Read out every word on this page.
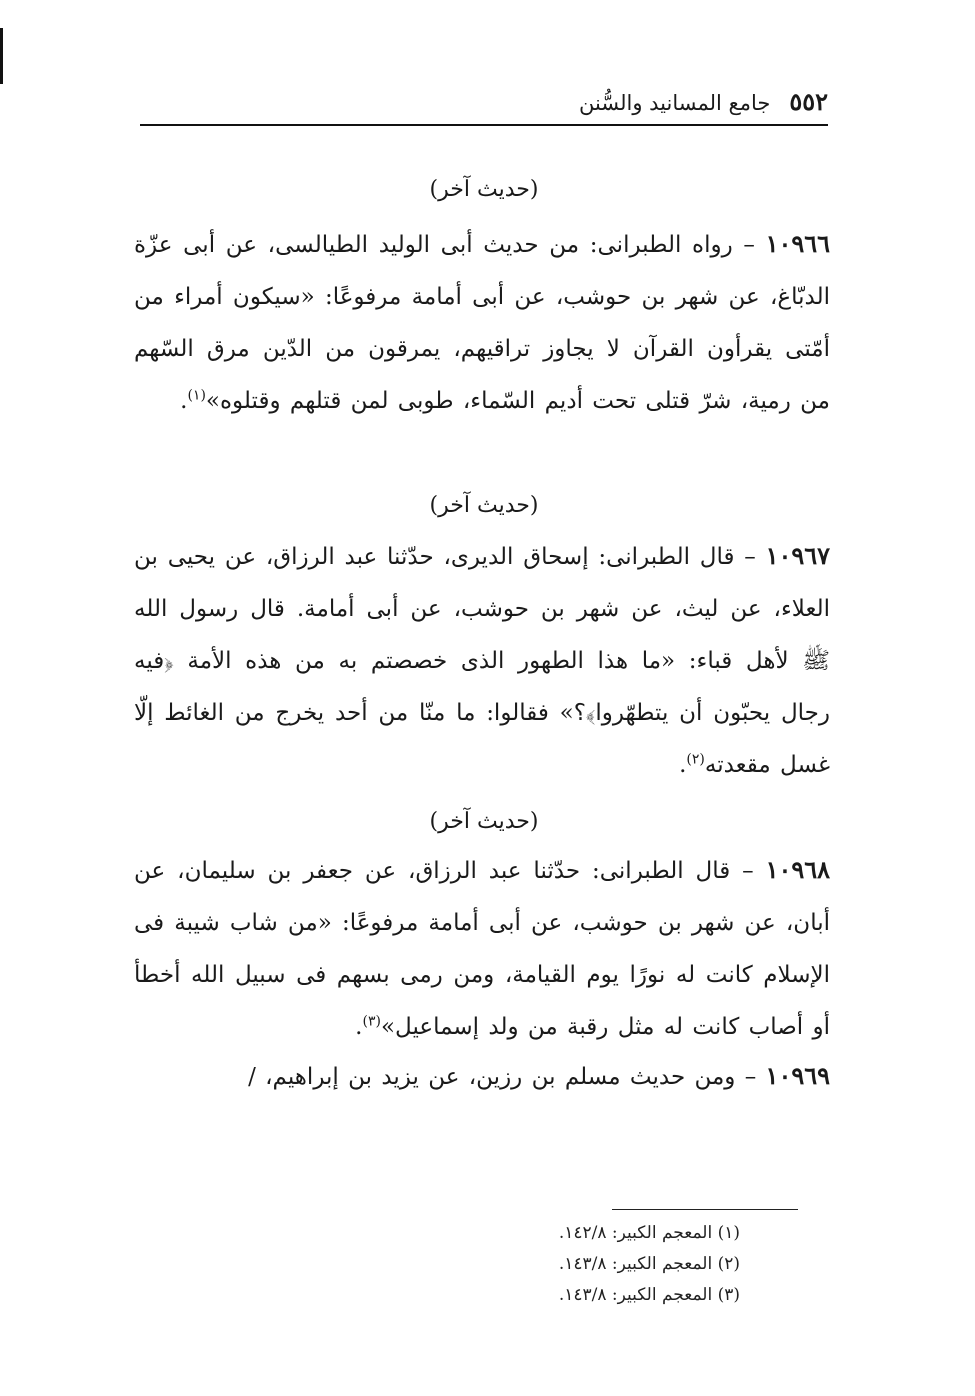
٥٥٢ جامع المسانيد والسُّنن
(حديث آخر)
١٠٩٦٦ – رواه الطبرانى: من حديث أبى الوليد الطيالسى، عن أبى عزّة الدبّاغ، عن شهر بن حوشب، عن أبى أمامة مرفوعًا: «سيكون أمراء من أمّتى يقرأون القرآن لا يجاوز تراقيهم، يمرقون من الدّين مرق السّهم من رمية، شرّ قتلى تحت أديم السّماء، طوبى لمن قتلهم وقتلوه»$^{(١)}$.
(حديث آخر)
١٠٩٦٧ – قال الطبرانى: إسحاق الديرى، حدّثنا عبد الرزاق، عن يحيى بن العلاء، عن ليث، عن شهر بن حوشب، عن أبى أمامة. قال رسول الله ﷺ لأهل قباء: «ما هذا الطهور الذى خصصتم به من هذه الأمة ﴿فيه رجال يحبّون أن يتطهّروا﴾؟» فقالوا: ما منّا من أحد يخرج من الغائط إلّا غسل مقعدته$^{(٢)}$.
(حديث آخر)
١٠٩٦٨ – قال الطبرانى: حدّثنا عبد الرزاق، عن جعفر بن سليمان، عن أبان، عن شهر بن حوشب، عن أبى أمامة مرفوعًا: «من شاب شيبة فى الإسلام كانت له نورًا يوم القيامة، ومن رمى بسهم فى سبيل الله أخطأ أو أصاب كانت له مثل رقبة من ولد إسماعيل»$^{(٣)}$.
١٠٩٦٩ – ومن حديث مسلم بن رزين، عن يزيد بن إبراهيم، /
(١) المعجم الكبير: ١٤٢/٨.
(٢) المعجم الكبير: ١٤٣/٨.
(٣) المعجم الكبير: ١٤٣/٨.
